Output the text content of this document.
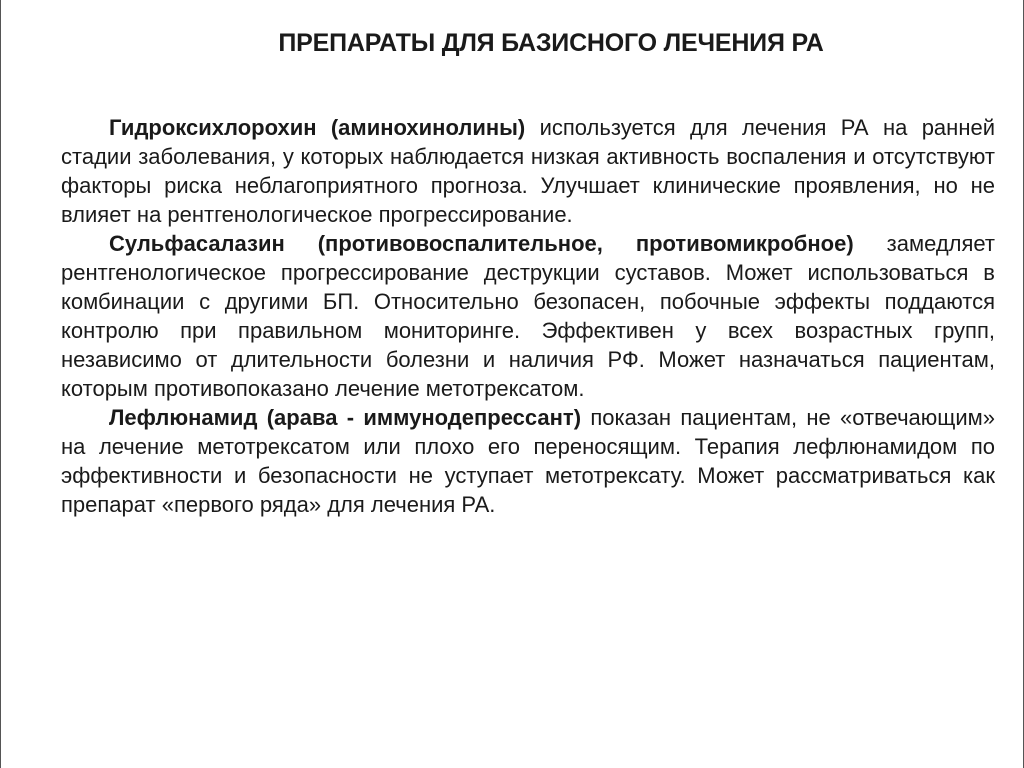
ПРЕПАРАТЫ ДЛЯ БАЗИСНОГО ЛЕЧЕНИЯ РА

Гидроксихлорохин (аминохинолины) используется для лечения РА на ранней стадии заболевания, у которых наблюдается низкая активность воспаления и отсутствуют факторы риска неблагоприятного прогноза. Улучшает клинические проявления, но не влияет на рентгенологическое прогрессирование.

Сульфасалазин (противовоспалительное, противомикробное) замедляет рентгенологическое прогрессирование деструкции суставов. Может использоваться в комбинации с другими БП. Относительно безопасен, побочные эффекты поддаются контролю при правильном мониторинге. Эффективен у всех возрастных групп, независимо от длительности болезни и наличия РФ. Может назначаться пациентам, которым противопоказано лечение метотрексатом.

Лефлюнамид (арава - иммунодепрессант) показан пациентам, не «отвечающим» на лечение метотрексатом или плохо его переносящим. Терапия лефлюнамидом по эффективности и безопасности не уступает метотрексату. Может рассматриваться как препарат «первого ряда» для лечения РА.
